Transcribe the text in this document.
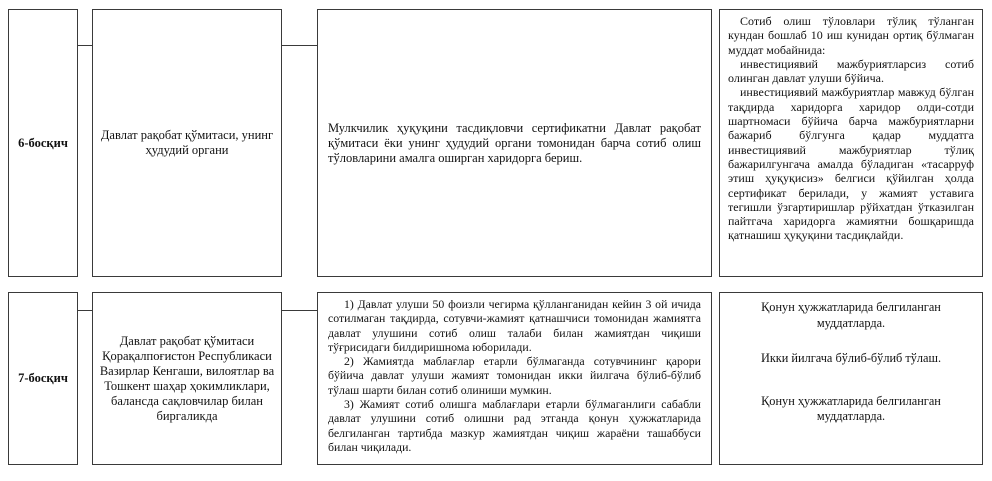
6-босқич
Давлат рақобат қўмитаси, унинг ҳудудий органи
Мулкчилик ҳуқуқини тасдиқловчи сертификатни Давлат рақобат қўмитаси ёки унинг ҳудудий органи томонидан барча сотиб олиш тўловларини амалга оширган харидорга бериш.

Сотиб олиш тўловлари тўлиқ тўланган кундан бошлаб 10 иш кунидан ортиқ бўлмаган муддат мобайнида:

инвестициявий мажбуриятларсиз сотиб олинган давлат улуши бўйича.

инвестициявий мажбуриятлар мавжуд бўлган тақдирда харидорга харидор олди-сотди шартномаси бўйича барча мажбуриятларни бажариб бўлгунга қадар муддатга инвестициявий мажбуриятлар тўлиқ бажарилгунгача амалда бўладиган «тасарруф этиш ҳуқуқисиз» белгиси қўйилган ҳолда сертификат берилади, у жамият уставига тегишли ўзгартиришлар рўйхатдан ўтказилган пайтгача харидорга жамиятни бошқаришда қатнашиш ҳуқуқини тасдиқлайди.

7-босқич
Давлат рақобат қўмитаси Қорақалпоғистон Республикаси Вазирлар Кенгаши, вилоятлар ва Тошкент шаҳар ҳокимликлари, балансда сақловчилар билан биргаликда

1) Давлат улуши 50 фоизли чегирма қўлланганидан кейин 3 ой ичида сотилмаган тақдирда, сотувчи-жамият қатнашчиси томонидан жамиятга давлат улушини сотиб олиш талаби билан жамиятдан чиқиши тўғрисидаги билдиришнома юборилади.

2) Жамиятда маблағлар етарли бўлмаганда сотувчининг қарори бўйича давлат улуши жамият томонидан икки йилгача бўлиб-бўлиб тўлаш шарти билан сотиб олиниши мумкин.

3) Жамият сотиб олишга маблағлари етарли бўлмаганлиги сабабли давлат улушини сотиб олишни рад этганда қонун ҳужжатларида белгиланган тартибда мазкур жамиятдан чиқиш жараёни ташаббуси билан чиқилади.

Қонун ҳужжатларида белгиланган муддатларда.

Икки йилгача бўлиб-бўлиб тўлаш.

Қонун ҳужжатларида белгиланган муддатларда.
